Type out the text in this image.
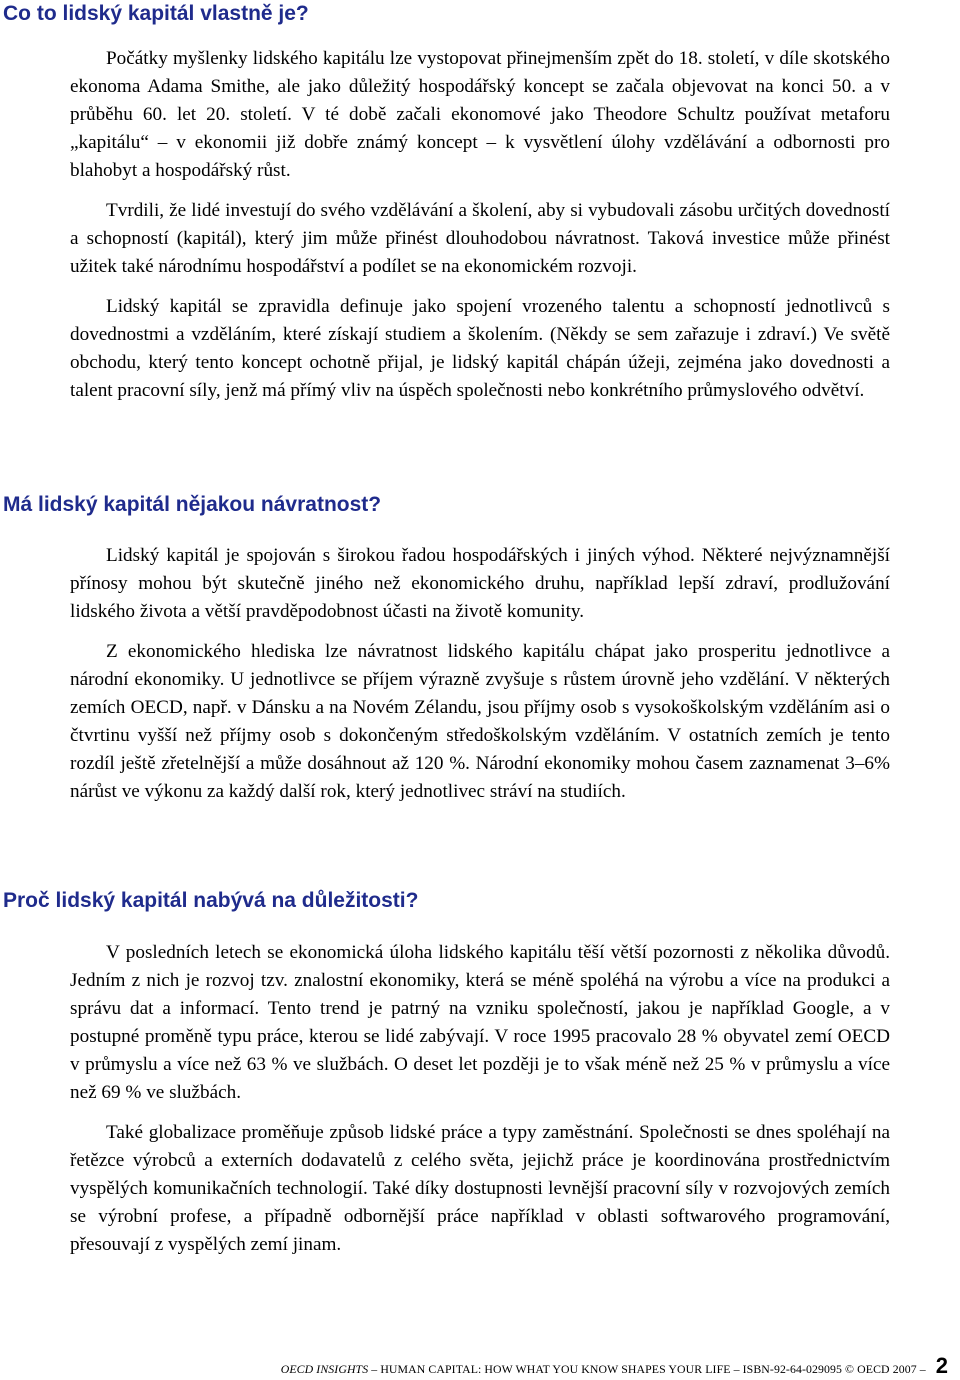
Co to lidský kapitál vlastně je?

Počátky myšlenky lidského kapitálu lze vystopovat přinejmenším zpět do 18. století, v díle skotského ekonoma Adama Smithe, ale jako důležitý hospodářský koncept se začala objevovat na konci 50. a v průběhu 60. let 20. století. V té době začali ekonomové jako Theodore Schultz používat metaforu „kapitálu“ – v ekonomii již dobře známý koncept – k vysvětlení úlohy vzdělávání a odbornosti pro blahobyt a hospodářský růst.

Tvrdili, že lidé investují do svého vzdělávání a školení, aby si vybudovali zásobu určitých dovedností a schopností (kapitál), který jim může přinést dlouhodobou návratnost. Taková investice může přinést užitek také národnímu hospodářství a podílet se na ekonomickém rozvoji.

Lidský kapitál se zpravidla definuje jako spojení vrozeného talentu a schopností jednotlivců s dovednostmi a vzděláním, které získají studiem a školením. (Někdy se sem zařazuje i zdraví.) Ve světě obchodu, který tento koncept ochotně přijal, je lidský kapitál chápán úžeji, zejména jako dovednosti a talent pracovní síly, jenž má přímý vliv na úspěch společnosti nebo konkrétního průmyslového odvětví.

Má lidský kapitál nějakou návratnost?

Lidský kapitál je spojován s širokou řadou hospodářských i jiných výhod. Některé nejvýznamnější přínosy mohou být skutečně jiného než ekonomického druhu, například lepší zdraví, prodlužování lidského života a větší pravděpodobnost účasti na životě komunity.

Z ekonomického hlediska lze návratnost lidského kapitálu chápat jako prosperitu jednotlivce a národní ekonomiky. U jednotlivce se příjem výrazně zvyšuje s růstem úrovně jeho vzdělání. V některých zemích OECD, např. v Dánsku a na Novém Zélandu, jsou příjmy osob s vysokoškolským vzděláním asi o čtvrtinu vyšší než příjmy osob s dokončeným středoškolským vzděláním. V ostatních zemích je tento rozdíl ještě zřetelnější a může dosáhnout až 120 %. Národní ekonomiky mohou časem zaznamenat 3–6% nárůst ve výkonu za každý další rok, který jednotlivec stráví na studiích.

Proč lidský kapitál nabývá na důležitosti?

V posledních letech se ekonomická úloha lidského kapitálu těší větší pozornosti z několika důvodů. Jedním z nich je rozvoj tzv. znalostní ekonomiky, která se méně spoléhá na výrobu a více na produkci a správu dat a informací. Tento trend je patrný na vzniku společností, jakou je například Google, a v postupné proměně typu práce, kterou se lidé zabývají. V roce 1995 pracovalo 28 % obyvatel zemí OECD v průmyslu a více než 63 % ve službách. O deset let později je to však méně než 25 % v průmyslu a více než 69 % ve službách.

Také globalizace proměňuje způsob lidské práce a typy zaměstnání. Společnosti se dnes spoléhají na řetězce výrobců a externích dodavatelů z celého světa, jejichž práce je koordinována prostřednictvím vyspělých komunikačních technologií. Také díky dostupnosti levnější pracovní síly v rozvojových zemích se výrobní profese, a případně odbornější práce například v oblasti softwarového programování, přesouvají z vyspělých zemí jinam.

OECD INSIGHTS – HUMAN CAPITAL: HOW WHAT YOU KNOW SHAPES YOUR LIFE – ISBN-92-64-029095 © OECD 2007 – 2
